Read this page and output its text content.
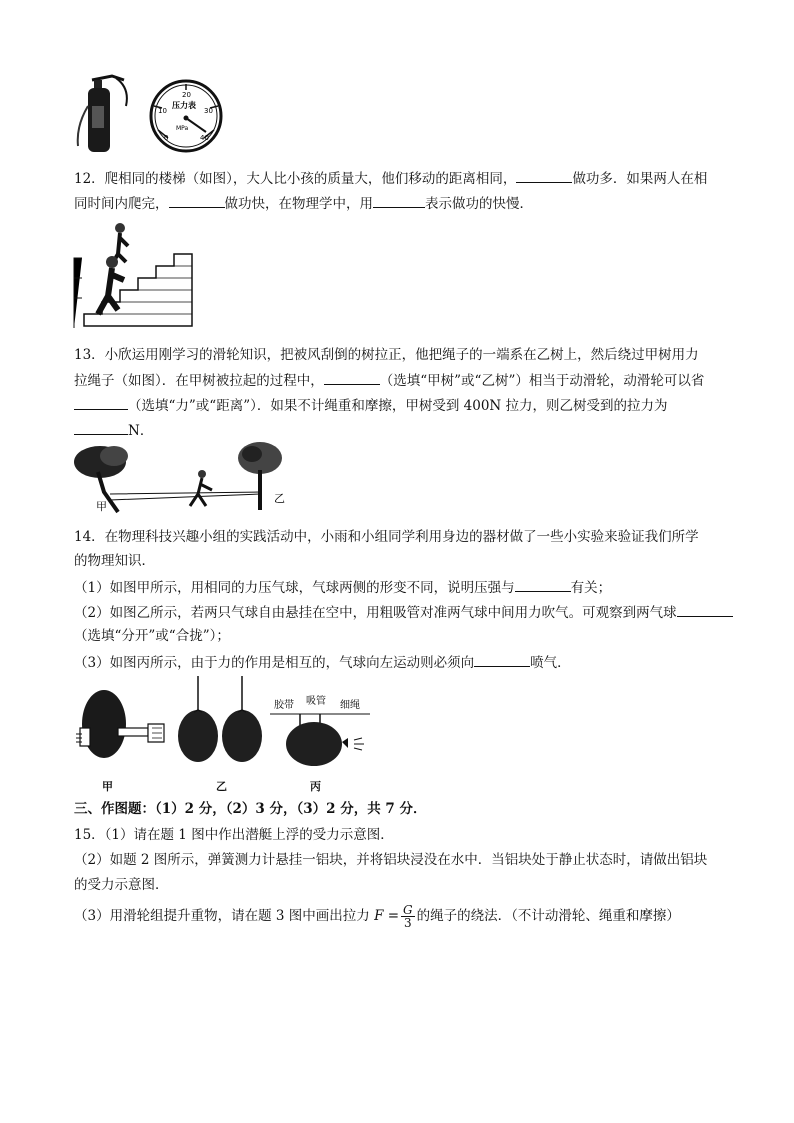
0
10
20
30
40
压力表
MPa
12．爬相同的楼梯（如图），大人比小孩的质量大，他们移动的距离相同，	做功多．如果两人在相
同时间内爬完，	做功快，在物理学中，用	表示做功的快慢．
13．小欣运用刚学习的滑轮知识，把被风刮倒的树拉正，他把绳子的一端系在乙树上，然后绕过甲树用力
拉绳子（如图）．在甲树被拉起的过程中，	（选填“甲树”或“乙树”）相当于动滑轮，动滑轮可以省
（选填“力”或“距离”）．如果不计绳重和摩擦，甲树受到 400N 拉力，则乙树受到的拉力为
N．
甲
乙
14．在物理科技兴趣小组的实践活动中，小雨和小组同学利用身边的器材做了一些小实验来验证我们所学
的物理知识．
（1）如图甲所示，用相同的力压气球，气球两侧的形变不同，说明压强与	有关；
（2）如图乙所示，若两只气球自由悬挂在空中，用粗吸管对准两气球中间用力吹气。可观察到两气球
（选填“分开”或“合拢”）；
（3）如图丙所示，由于力的作用是相互的，气球向左运动则必须向	喷气．
胶带 吸管 细绳
甲	乙	丙
三、作图题：（1）2 分，（2）3 分，（3）2 分，共 7 分．
15．（1）请在题 1 图中作出潜艇上浮的受力示意图．
（2）如题 2 图所示，弹簧测力计悬挂一铝块，并将铝块浸没在水中．当铝块处于静止状态时，请做出铝块
的受力示意图．
（3）用滑轮组提升重物，请在题 3 图中画出拉力 $F = \frac{G}{3}$ 的绳子的绕法．（不计动滑轮、绳重和摩擦）
